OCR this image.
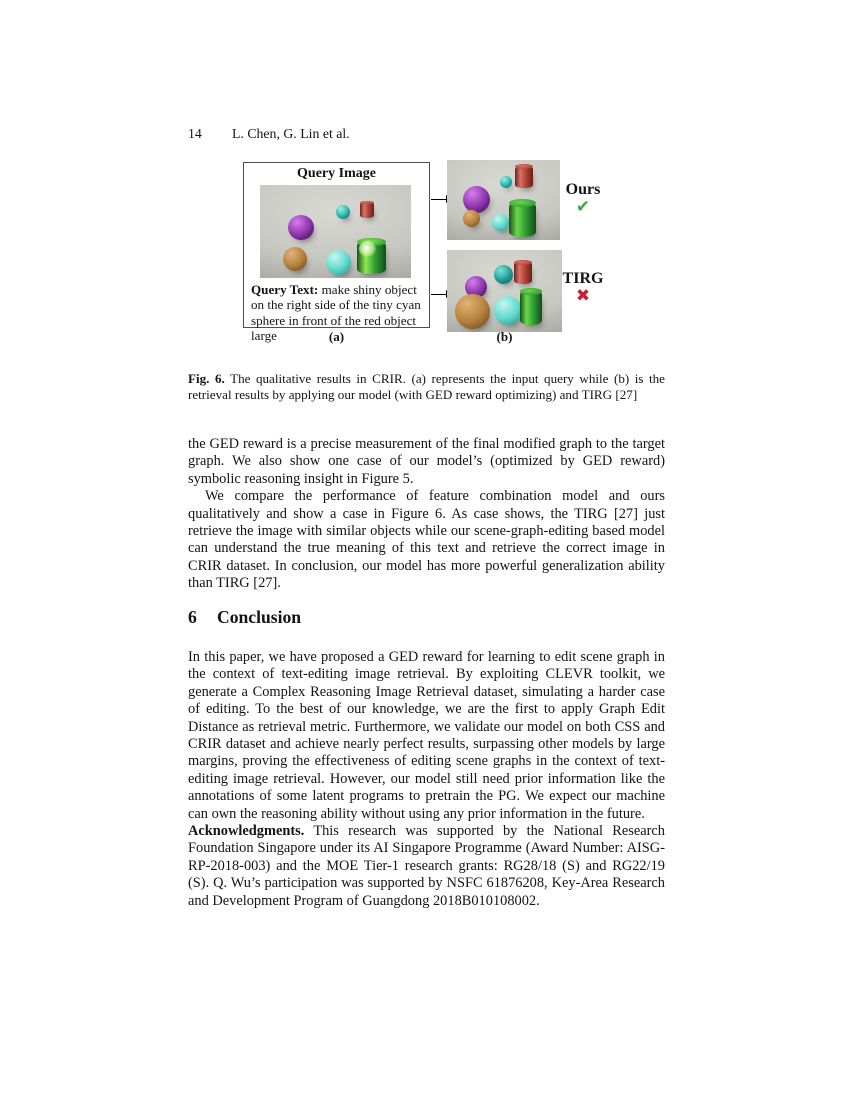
14 L. Chen, G. Lin et al.
Query Image
Query Text: make shiny object on the right side of the tiny cyan sphere in front of the red object large
Ours
✔
TIRG
✖
(a)	(b)
Fig. 6. The qualitative results in CRIR. (a) represents the input query while (b) is the retrieval results by applying our model (with GED reward optimizing) and TIRG [27]

the GED reward is a precise measurement of the final modified graph to the target graph. We also show one case of our model’s (optimized by GED reward) symbolic reasoning insight in Figure 5.

We compare the performance of feature combination model and ours qualitatively and show a case in Figure 6. As case shows, the TIRG [27] just retrieve the image with similar objects while our scene-graph-editing based model can understand the true meaning of this text and retrieve the correct image in CRIR dataset. In conclusion, our model has more powerful generalization ability than TIRG [27].

6 Conclusion

In this paper, we have proposed a GED reward for learning to edit scene graph in the context of text-editing image retrieval. By exploiting CLEVR toolkit, we generate a Complex Reasoning Image Retrieval dataset, simulating a harder case of editing. To the best of our knowledge, we are the first to apply Graph Edit Distance as retrieval metric. Furthermore, we validate our model on both CSS and CRIR dataset and achieve nearly perfect results, surpassing other models by large margins, proving the effectiveness of editing scene graphs in the context of text-editing image retrieval. However, our model still need prior information like the annotations of some latent programs to pretrain the PG. We expect our machine can own the reasoning ability without using any prior information in the future.

Acknowledgments. This research was supported by the National Research Foundation Singapore under its AI Singapore Programme (Award Number: AISG-RP-2018-003) and the MOE Tier-1 research grants: RG28/18 (S) and RG22/19 (S). Q. Wu’s participation was supported by NSFC 61876208, Key-Area Research and Development Program of Guangdong 2018B010108002.
